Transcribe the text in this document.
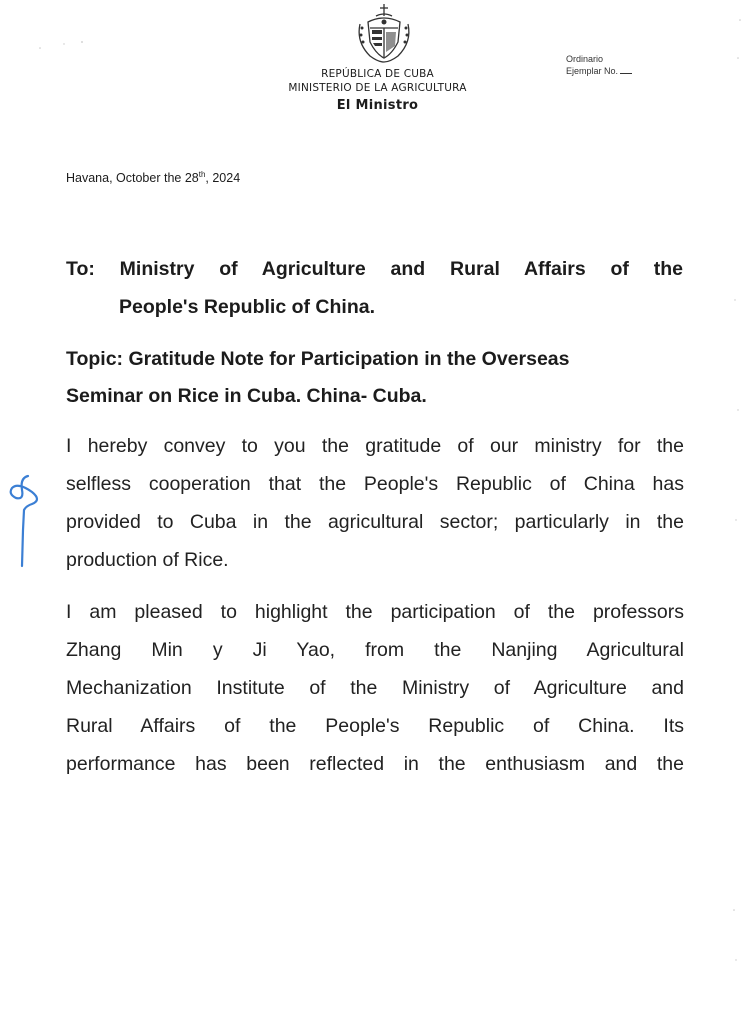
REPÚBLICA DE CUBA
MINISTERIO DE LA AGRICULTURA
El Ministro
Ordinario
Ejemplar No.
Havana, October the 28th, 2024
To: Ministry of Agriculture and Rural Affairs of the
People's Republic of China.
Topic: Gratitude Note for Participation in the Overseas
Seminar on Rice in Cuba. China- Cuba.
I hereby convey to you the gratitude of our ministry for the
selfless cooperation that the People's Republic of China has
provided to Cuba in the agricultural sector; particularly in the
production of Rice.
I am pleased to highlight the participation of the professors
Zhang Min y Ji Yao, from the Nanjing Agricultural
Mechanization Institute of the Ministry of Agriculture and
Rural Affairs of the People's Republic of China. Its
performance has been reflected in the enthusiasm and the
